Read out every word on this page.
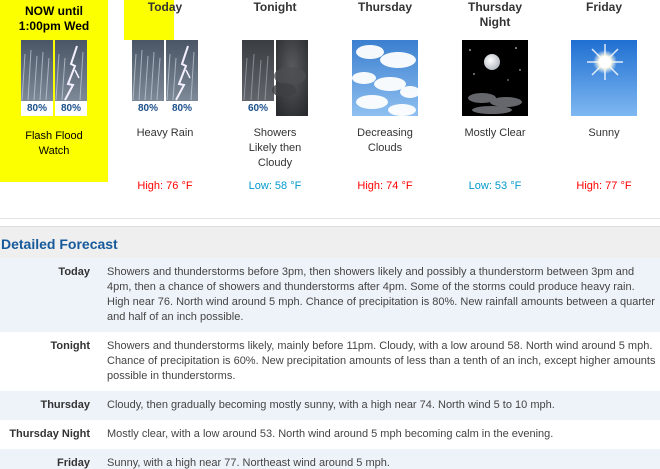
NOW until
1:00pm Wed
80%	80%
Flash Flood
Watch
Today
80%	80%
Heavy Rain
High: 76 °F
Tonight
60%
Showers
Likely then
Cloudy
Low: 58 °F
Thursday
Decreasing
Clouds
High: 74 °F
Thursday
Night
Mostly Clear
Low: 53 °F
Friday
Sunny
High: 77 °F
Detailed Forecast
Today	Showers and thunderstorms before 3pm, then showers likely and possibly a thunderstorm between 3pm and 4pm, then a chance of showers and thunderstorms after 4pm. Some of the storms could produce heavy rain. High near 76. North wind around 5 mph. Chance of precipitation is 80%. New rainfall amounts between a quarter and half of an inch possible.
Tonight	Showers and thunderstorms likely, mainly before 11pm. Cloudy, with a low around 58. North wind around 5 mph. Chance of precipitation is 60%. New precipitation amounts of less than a tenth of an inch, except higher amounts possible in thunderstorms.
Thursday	Cloudy, then gradually becoming mostly sunny, with a high near 74. North wind 5 to 10 mph.
Thursday Night	Mostly clear, with a low around 53. North wind around 5 mph becoming calm in the evening.
Friday	Sunny, with a high near 77. Northeast wind around 5 mph.
